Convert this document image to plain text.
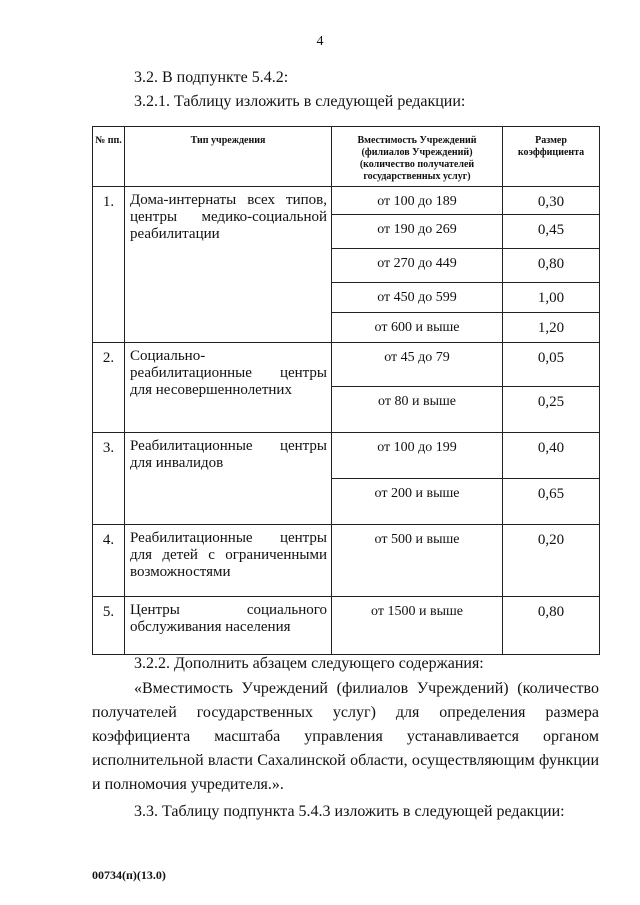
4
3.2. В подпункте 5.4.2:
3.2.1. Таблицу изложить в следующей редакции:
№ пп.	Тип учреждения	Вместимость Учреждений (филиалов Учреждений) (количество получателей государственных услуг)	Размер коэффициента
1.	Дома-интернаты всех типов, центры медико-социальной реабилитации	от 100 до 189	0,30
		от 190 до 269	0,45
		от 270 до 449	0,80
		от 450 до 599	1,00
		от 600 и выше	1,20
2.	Социально-реабилитационные центры для несовершеннолетних	от 45 до 79	0,05
		от 80 и выше	0,25
3.	Реабилитационные центры для инвалидов	от 100 до 199	0,40
		от 200 и выше	0,65
4.	Реабилитационные центры для детей с ограниченными возможностями	от 500 и выше	0,20
5.	Центры социального обслуживания населения	от 1500 и выше	0,80
3.2.2. Дополнить абзацем следующего содержания:
«Вместимость Учреждений (филиалов Учреждений) (количество получателей государственных услуг) для определения размера коэффициента масштаба управления устанавливается органом исполнительной власти Сахалинской области, осуществляющим функции и полномочия учредителя.».
3.3. Таблицу подпункта 5.4.3 изложить в следующей редакции:
00734(п)(13.0)
